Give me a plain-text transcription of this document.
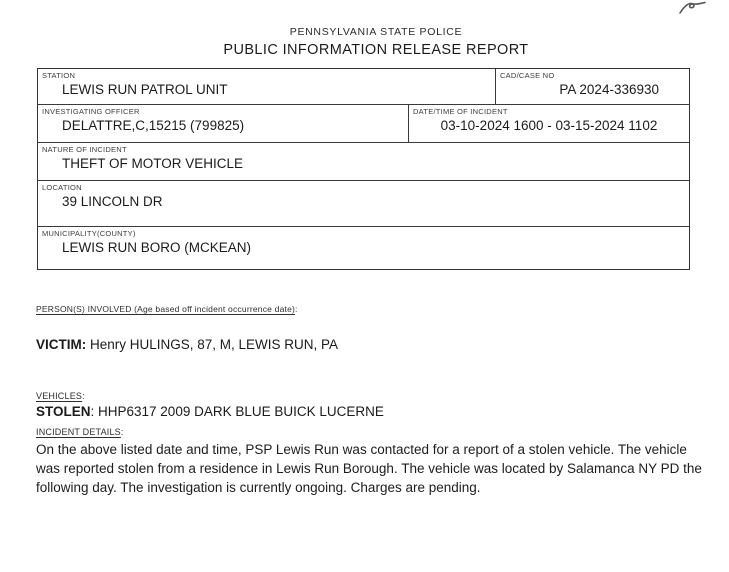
PENNSYLVANIA STATE POLICE
PUBLIC INFORMATION RELEASE REPORT
STATION
LEWIS RUN PATROL UNIT
CAD/CASE NO
PA 2024-336930
INVESTIGATING OFFICER
DELATTRE,C,15215 (799825)
DATE/TIME OF INCIDENT
03-10-2024 1600 - 03-15-2024 1102
NATURE OF INCIDENT
THEFT OF MOTOR VEHICLE
LOCATION
39 LINCOLN DR
MUNICIPALITY(COUNTY)
LEWIS RUN BORO (MCKEAN)
PERSON(S) INVOLVED (Age based off incident occurrence date):
VICTIM: Henry HULINGS, 87, M, LEWIS RUN, PA
VEHICLES:
STOLEN: HHP6317 2009 DARK BLUE BUICK LUCERNE
INCIDENT DETAILS:
On the above listed date and time, PSP Lewis Run was contacted for a report of a stolen vehicle. The vehicle was reported stolen from a residence in Lewis Run Borough. The vehicle was located by Salamanca NY PD the following day. The investigation is currently ongoing. Charges are pending.
